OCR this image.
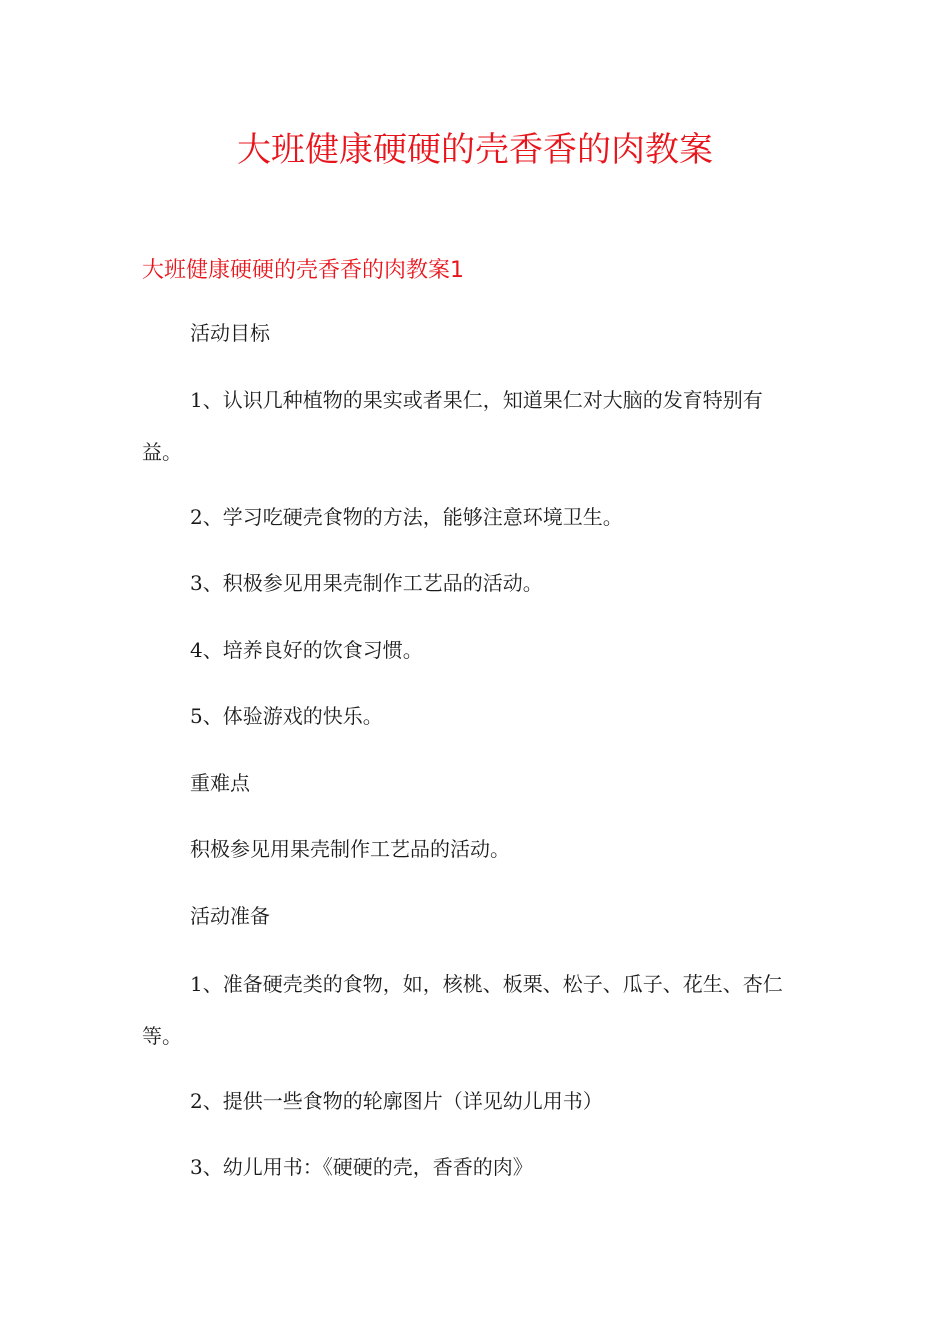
大班健康硬硬的壳香香的肉教案
大班健康硬硬的壳香香的肉教案1

活动目标

1、认识几种植物的果实或者果仁，知道果仁对大脑的发育特别有益。

2、学习吃硬壳食物的方法，能够注意环境卫生。

3、积极参见用果壳制作工艺品的活动。

4、培养良好的饮食习惯。

5、体验游戏的快乐。

重难点

积极参见用果壳制作工艺品的活动。

活动准备

1、准备硬壳类的食物，如，核桃、板栗、松子、瓜子、花生、杏仁等。

2、提供一些食物的轮廓图片（详见幼儿用书）

3、幼儿用书：《硬硬的壳，香香的肉》
